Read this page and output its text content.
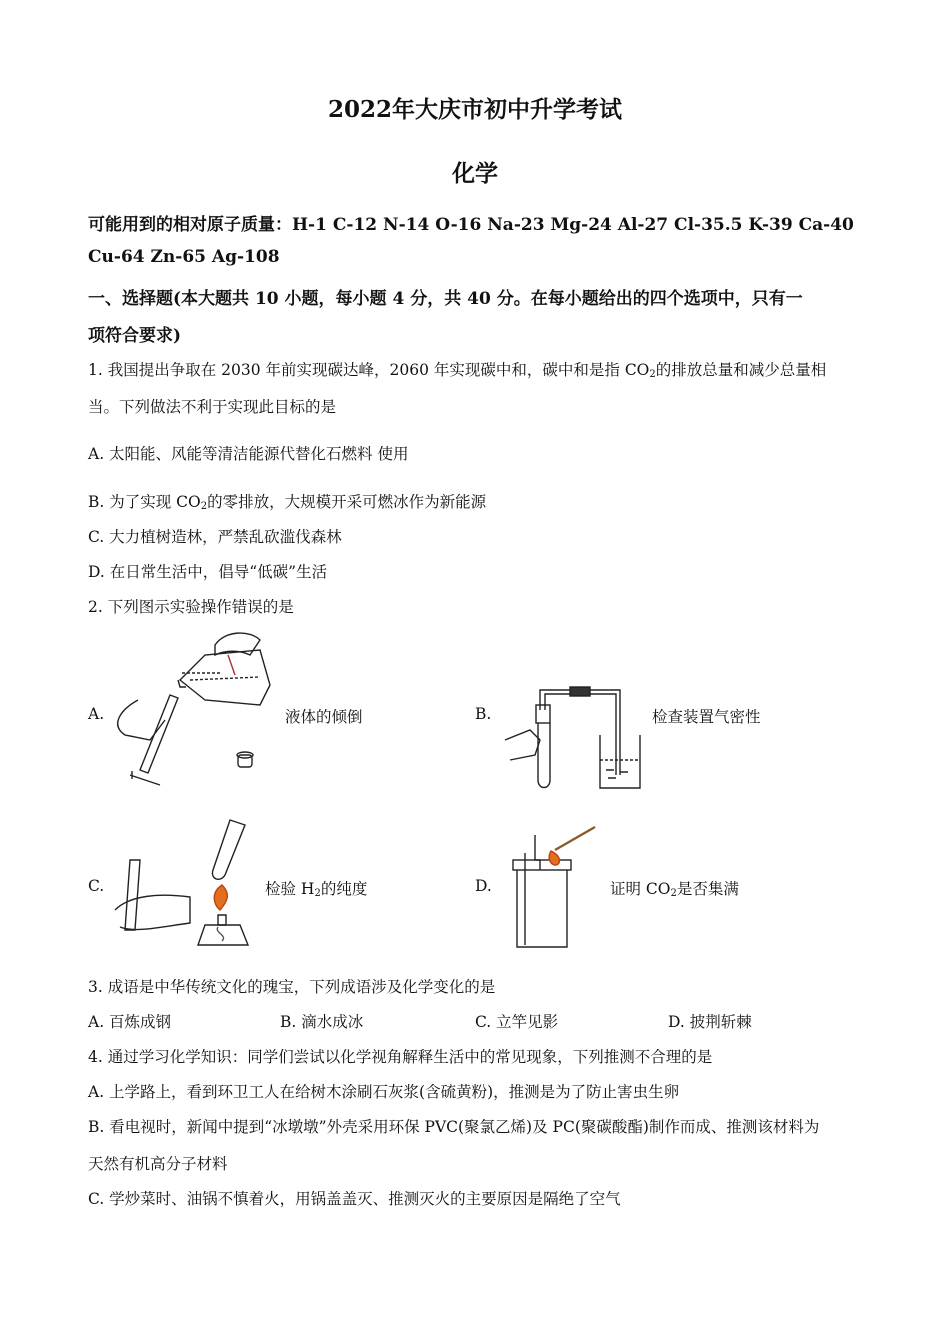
2022年大庆市初中升学考试
化学
可能用到的相对原子质量：H-1 C-12 N-14 O-16 Na-23 Mg-24 Al-27 Cl-35.5 K-39 Ca-40
Cu-64 Zn-65 Ag-108
一、选择题(本大题共 10 小题，每小题 4 分，共 40 分。在每小题给出的四个选项中，只有一
项符合要求)
1. 我国提出争取在 2030 年前实现碳达峰，2060 年实现碳中和，碳中和是指 $CO_2$的排放总量和减少总量相
当。下列做法不利于实现此目标的是
A. 太阳能、风能等清洁能源代替化石燃料 使用
B. 为了实现 $CO_2$的零排放，大规模开采可燃冰作为新能源
C. 大力植树造林，严禁乱砍滥伐森林
D. 在日常生活中，倡导“低碳”生活
2. 下列图示实验操作错误的是
A.	液体的倾倒	B.	检查装置气密性
C.	检验 $H_2$的纯度	D.	证明 $CO_2$是否集满
3. 成语是中华传统文化的瑰宝，下列成语涉及化学变化的是
A. 百炼成钢	B. 滴水成冰	C. 立竿见影	D. 披荆斩棘
4. 通过学习化学知识：同学们尝试以化学视角解释生活中的常见现象，下列推测不合理的是
A. 上学路上，看到环卫工人在给树木涂刷石灰浆(含硫黄粉)，推测是为了防止害虫生卵
B. 看电视时，新闻中提到“冰墩墩”外壳采用环保 PVC(聚氯乙烯)及 PC(聚碳酸酯)制作而成、推测该材料为
天然有机高分子材料
C. 学炒菜时、油锅不慎着火，用锅盖盖灭、推测灭火的主要原因是隔绝了空气
